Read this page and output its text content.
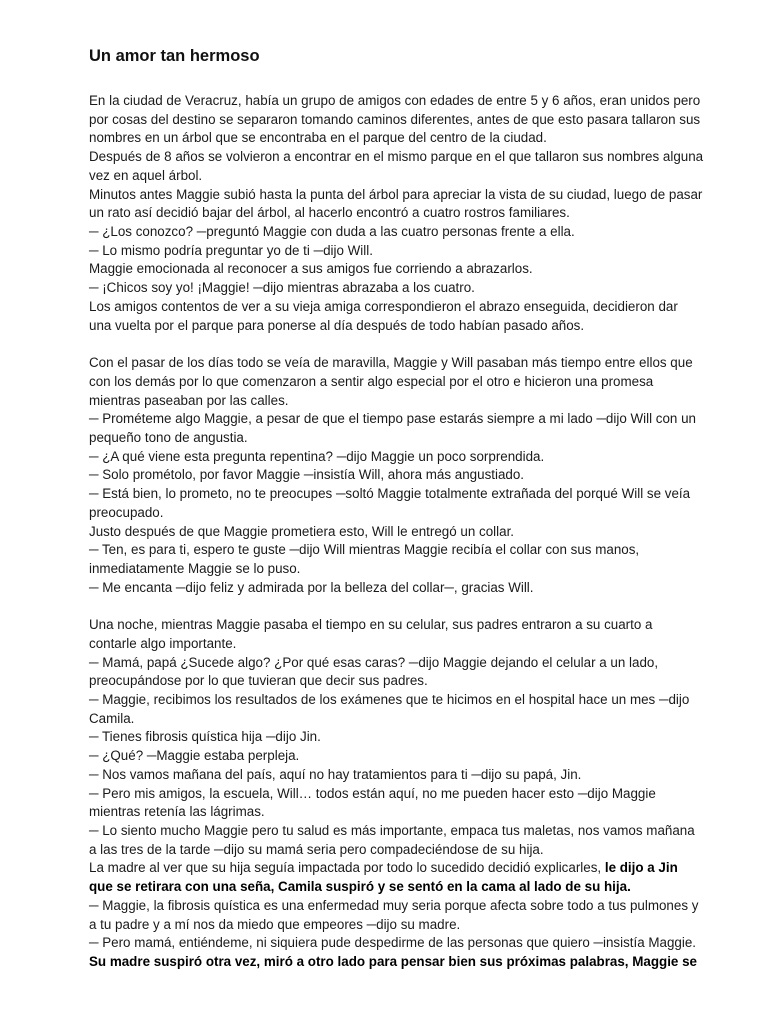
Un amor tan hermoso
En la ciudad de Veracruz, había un grupo de amigos con edades de entre 5 y 6 años, eran unidos pero
por cosas del destino se separaron tomando caminos diferentes, antes de que esto pasara tallaron sus
nombres en un árbol que se encontraba en el parque del centro de la ciudad.
Después de 8 años se volvieron a encontrar en el mismo parque en el que tallaron sus nombres alguna
vez en aquel árbol.
Minutos antes Maggie subió hasta la punta del árbol para apreciar la vista de su ciudad, luego de pasar
un rato así decidió bajar del árbol, al hacerlo encontró a cuatro rostros familiares.
─ ¿Los conozco? ─preguntó Maggie con duda a las cuatro personas frente a ella.
─ Lo mismo podría preguntar yo de ti ─dijo Will.
Maggie emocionada al reconocer a sus amigos fue corriendo a abrazarlos.
─ ¡Chicos soy yo! ¡Maggie! ─dijo mientras abrazaba a los cuatro.
Los amigos contentos de ver a su vieja amiga correspondieron el abrazo enseguida, decidieron dar
una vuelta por el parque para ponerse al día después de todo habían pasado años.
Con el pasar de los días todo se veía de maravilla, Maggie y Will pasaban más tiempo entre ellos que
con los demás por lo que comenzaron a sentir algo especial por el otro e hicieron una promesa
mientras paseaban por las calles.
─ Prométeme algo Maggie, a pesar de que el tiempo pase estarás siempre a mi lado ─dijo Will con un
pequeño tono de angustia.
─ ¿A qué viene esta pregunta repentina? ─dijo Maggie un poco sorprendida.
─ Solo prométolo, por favor Maggie ─insistía Will, ahora más angustiado.
─ Está bien, lo prometo, no te preocupes ─soltó Maggie totalmente extrañada del porqué Will se veía
preocupado.
Justo después de que Maggie prometiera esto, Will le entregó un collar.
─ Ten, es para ti, espero te guste ─dijo Will mientras Maggie recibía el collar con sus manos,
inmediatamente Maggie se lo puso.
─ Me encanta ─dijo feliz y admirada por la belleza del collar─, gracias Will.
Una noche, mientras Maggie pasaba el tiempo en su celular, sus padres entraron a su cuarto a
contarle algo importante.
─ Mamá, papá ¿Sucede algo? ¿Por qué esas caras? ─dijo Maggie dejando el celular a un lado,
preocupándose por lo que tuvieran que decir sus padres.
─ Maggie, recibimos los resultados de los exámenes que te hicimos en el hospital hace un mes ─dijo
Camila.
─ Tienes fibrosis quística hija ─dijo Jin.
─ ¿Qué? ─Maggie estaba perpleja.
─ Nos vamos mañana del país, aquí no hay tratamientos para ti ─dijo su papá, Jin.
─ Pero mis amigos, la escuela, Will… todos están aquí, no me pueden hacer esto ─dijo Maggie
mientras retenía las lágrimas.
─ Lo siento mucho Maggie pero tu salud es más importante, empaca tus maletas, nos vamos mañana
a las tres de la tarde ─dijo su mamá seria pero compadeciéndose de su hija.
La madre al ver que su hija seguía impactada por todo lo sucedido decidió explicarles, le dijo a Jin
que se retirara con una seña, Camila suspiró y se sentó en la cama al lado de su hija.
─ Maggie, la fibrosis quística es una enfermedad muy seria porque afecta sobre todo a tus pulmones y
a tu padre y a mí nos da miedo que empeores ─dijo su madre.
─ Pero mamá, entiéndeme, ni siquiera pude despedirme de las personas que quiero ─insistía Maggie.
Su madre suspiró otra vez, miró a otro lado para pensar bien sus próximas palabras, Maggie se
